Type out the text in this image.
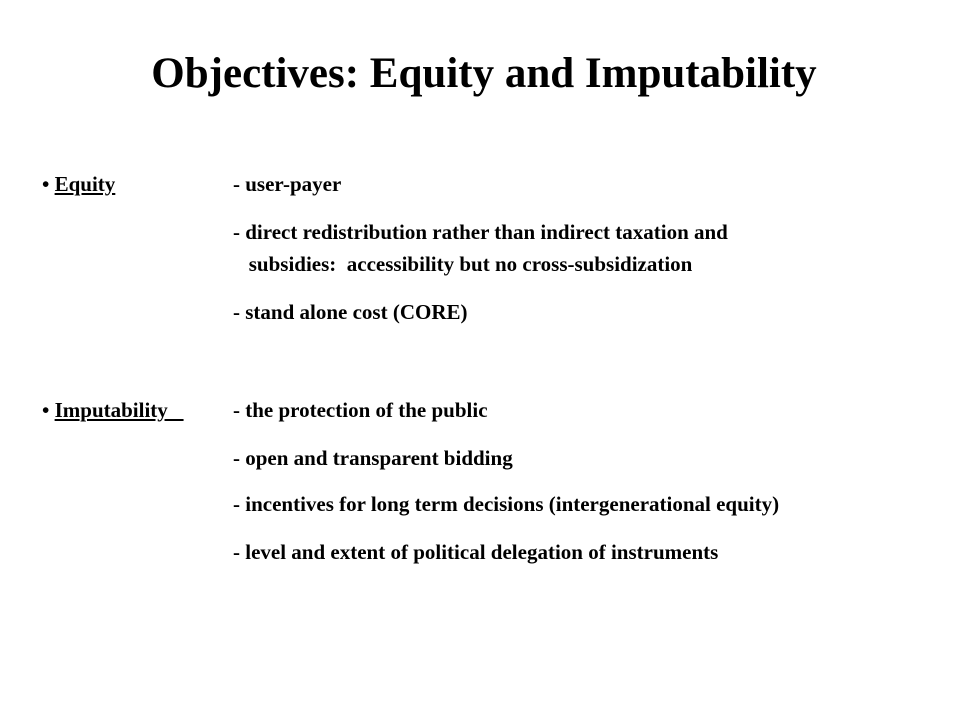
Objectives: Equity and Imputability
• Equity	- user-payer
- direct redistribution rather than indirect taxation and
subsidies:  accessibility but no cross-subsidization
- stand alone cost (CORE)
• Imputability - the protection of the public
- open and transparent bidding
- incentives for long term decisions (intergenerational equity)
- level and extent of political delegation of instruments
